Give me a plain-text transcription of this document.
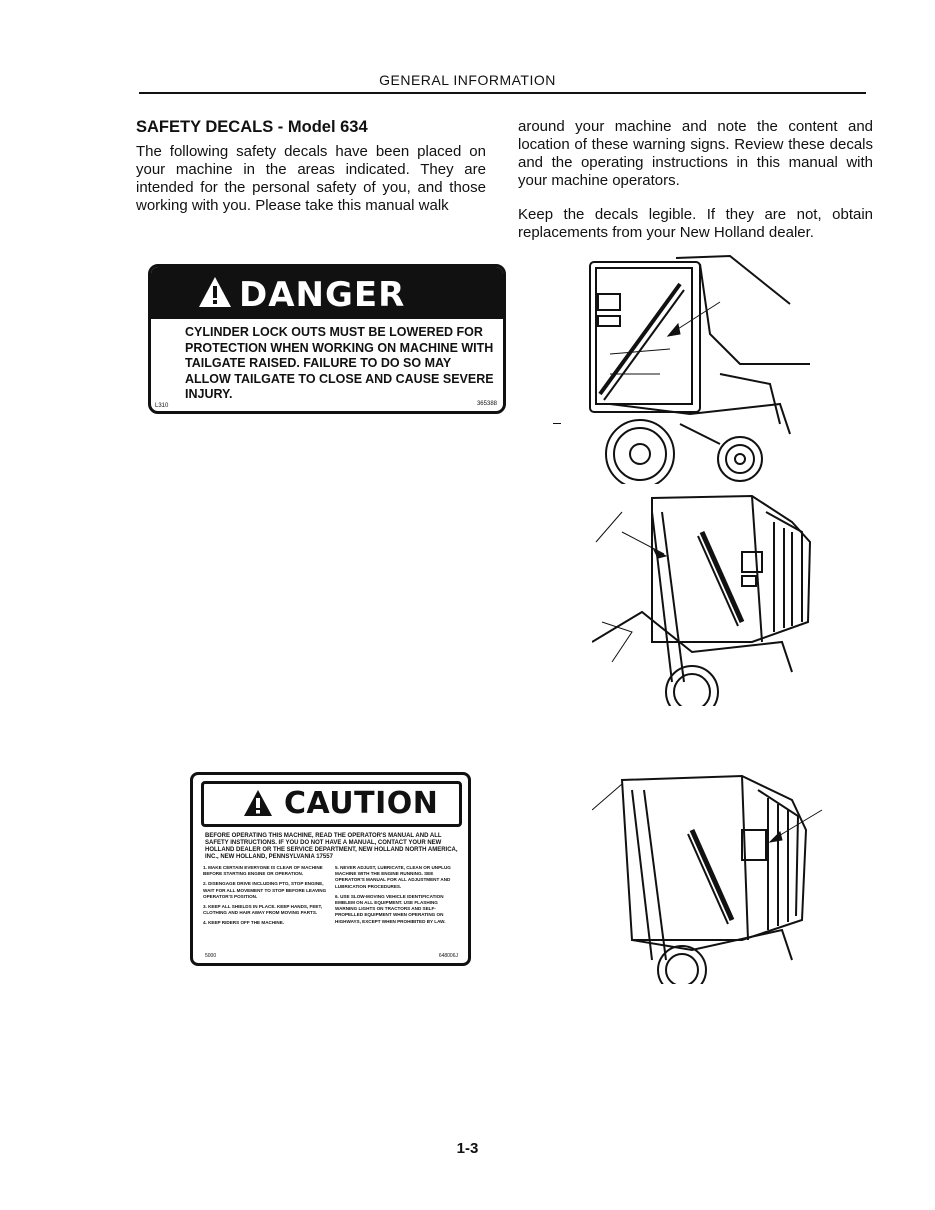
GENERAL INFORMATION
SAFETY DECALS - Model 634

The following safety decals have been placed on your machine in the areas indicated. They are intended for the personal safety of you, and those working with you. Please take this manual walk

around your machine and note the content and location of these warning signs. Review these decals and the operating instructions in this manual with your machine operators.

Keep the decals legible. If they are not, obtain replacements from your New Holland dealer.

DANGER
CYLINDER LOCK OUTS MUST BE LOWERED FOR PROTECTION WHEN WORKING ON MACHINE WITH TAILGATE RAISED. FAILURE TO DO SO MAY ALLOW TAILGATE TO CLOSE AND CAUSE SEVERE INJURY.
L310	365388
CAUTION
BEFORE OPERATING THIS MACHINE, READ THE OPERATOR'S MANUAL AND ALL SAFETY INSTRUCTIONS. IF YOU DO NOT HAVE A MANUAL, CONTACT YOUR NEW HOLLAND DEALER OR THE SERVICE DEPARTMENT, NEW HOLLAND NORTH AMERICA, INC., NEW HOLLAND, PENNSYLVANIA 17557

1. MAKE CERTAIN EVERYONE IS CLEAR OF MACHINE BEFORE STARTING ENGINE OR OPERATION.

2. DISENGAGE DRIVE INCLUDING PTO, STOP ENGINE, WAIT FOR ALL MOVEMENT TO STOP BEFORE LEAVING OPERATOR'S POSITION.

3. KEEP ALL SHIELDS IN PLACE. KEEP HANDS, FEET, CLOTHING AND HAIR AWAY FROM MOVING PARTS.

4. KEEP RIDERS OFF THE MACHINE.

5. NEVER ADJUST, LUBRICATE, CLEAN OR UNPLUG MACHINE WITH THE ENGINE RUNNING. SEE OPERATOR'S MANUAL FOR ALL ADJUSTMENT AND LUBRICATION PROCEDURES.

6. USE SLOW-MOVING VEHICLE IDENTIFICATION EMBLEM ON ALL EQUIPMENT. USE FLASHING WARNING LIGHTS ON TRACTORS AND SELF-PROPELLED EQUIPMENT WHEN OPERATING ON HIGHWAYS, EXCEPT WHEN PROHIBITED BY LAW.

5000	648006J
1-3
